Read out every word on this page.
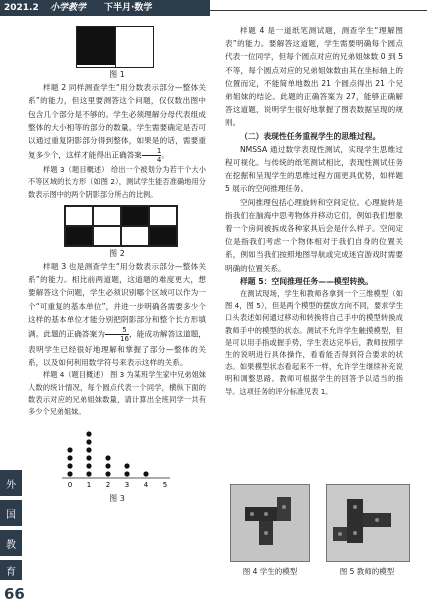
2021.2 小学教学 下半月·数学
外
国
教
育
66

图 1

样题 2 同样测查学生“用分数表示部分—整体关系”的能力，但这里要测答这个问题，仅仅数出图中包含几个部分是不够的。学生必须理解分母代表组成整体的大小相等的部分的数量。学生需要确定是否可以通过重复阴影部分得到整体，如果是的话，需要重复多少个，这样才能得出正确答案 $\frac{1}{4}$ 。

样题 3（题目概述） 给出一个被划分为若干个大小不等区域的长方形（如图 2），测试学生能否准确地用分数表示图中的两个阴影部分所占的比例。

图 2

样题 3 也是测查学生“用分数表示部分—整体关系”的能力。相比前两道题，这道题的难度更大，想要解答这个问题，学生必须识别哪个区域可以作为一个“可重复的基本单位”，并进一步明确各需要多少个这样的基本单位才能分别把阴影部分和整个长方形填满。此题的正确答案为 $\frac{5}{16}$ ，能成功解答这道题，表明学生已经很好地理解和掌握了部分—整体的关系，以及如何利用数学符号来表示这样的关系。

样题 4（题目概述） 图 3 为某班学生家中兄弟姐妹人数的统计情况，每个圆点代表一个同学，横纵下面的数表示对应的兄弟姐妹数量，请计算出全班同学一共有多少个兄弟姐妹。

0 1 2 3 4 5

图 3

样题 4 是一道纸笔测试题，测查学生“理解图表”的能力。要解答这道题，学生需要明确每个圆点代表一位同学，但每个圆点对应的兄弟姐妹数 0 到 5 不等，每个圆点对应的兄弟姐妹数由其在坐标轴上的位置而定，不能简单地数出 21 个圆点得出 21 个兄弟姐妹的结论。此题的正确答案为 27，能够正确解答这道题，说明学生很好地掌握了图表数据呈现的规则。

（二）表现性任务重视学生的思维过程。

NMSSA 通过数学表现性测试，实现学生思维过程可视化。与传统的纸笔测试相比，表现性测试任务在挖掘和呈现学生的思维过程方面更具优势，如样题 5 展示的空间推理任务。

空间推理包括心理旋转和空间定位。心理旋转是指我们在脑海中思考物体并移动它们，例如我们想象着一个房间被拆成各种家具后会是什么样子。空间定位是指我们考虑一个物体相对于我们自身的位置关系，例如当我们按照地图导航或完成迷宫游戏时需要明确的位置关系。

样题 5：空间推理任务——模型转换。

在测试现场，学生和教师各拿到一个三维模型（如图 4，图 5），但是两个模型的摆放方向不同，要求学生口头表述如何通过移动和转换将自己手中的模型转换成教师手中的模型的状态。测试不允许学生触摸模型，但是可以用手指或握手势，学生表达完毕后，教师按照学生的说明进行具体操作，看看能否得到符合要求的状态。如果模型状态看起来不一样，允许学生继续补充说明和调整思路。教师可根据学生的回答予以适当的指导。这项任务的评分标准见表 1。

图 4 学生的模型	图 5 教师的模型
